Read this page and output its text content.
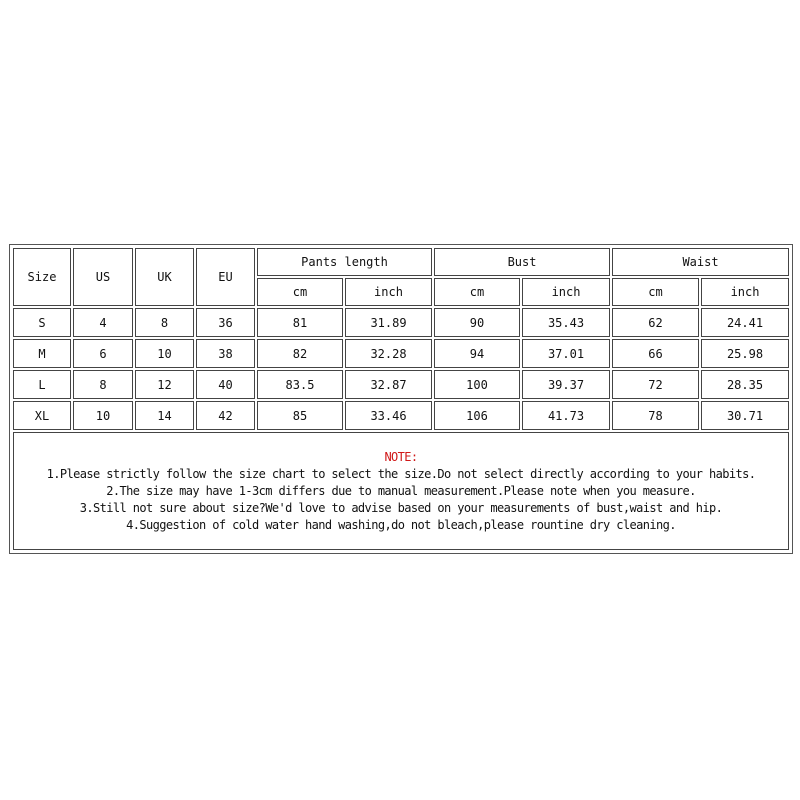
Size	US	UK	EU	Pants length		Bust		Waist	
				cm	inch	cm	inch	cm	inch
S	4	8	36	81	31.89	90	35.43	62	24.41
M	6	10	38	82	32.28	94	37.01	66	25.98
L	8	12	40	83.5	32.87	100	39.37	72	28.35
XL	10	14	42	85	33.46	106	41.73	78	30.71

NOTE:
1.Please strictly follow the size chart to select the size.Do not select directly according to your habits.
2.The size may have 1-3cm differs due to manual measurement.Please note when you measure.
3.Still not sure about size?We'd love to advise based on your measurements of bust,waist and hip.
4.Suggestion of cold water hand washing,do not bleach,please rountine dry cleaning.									
